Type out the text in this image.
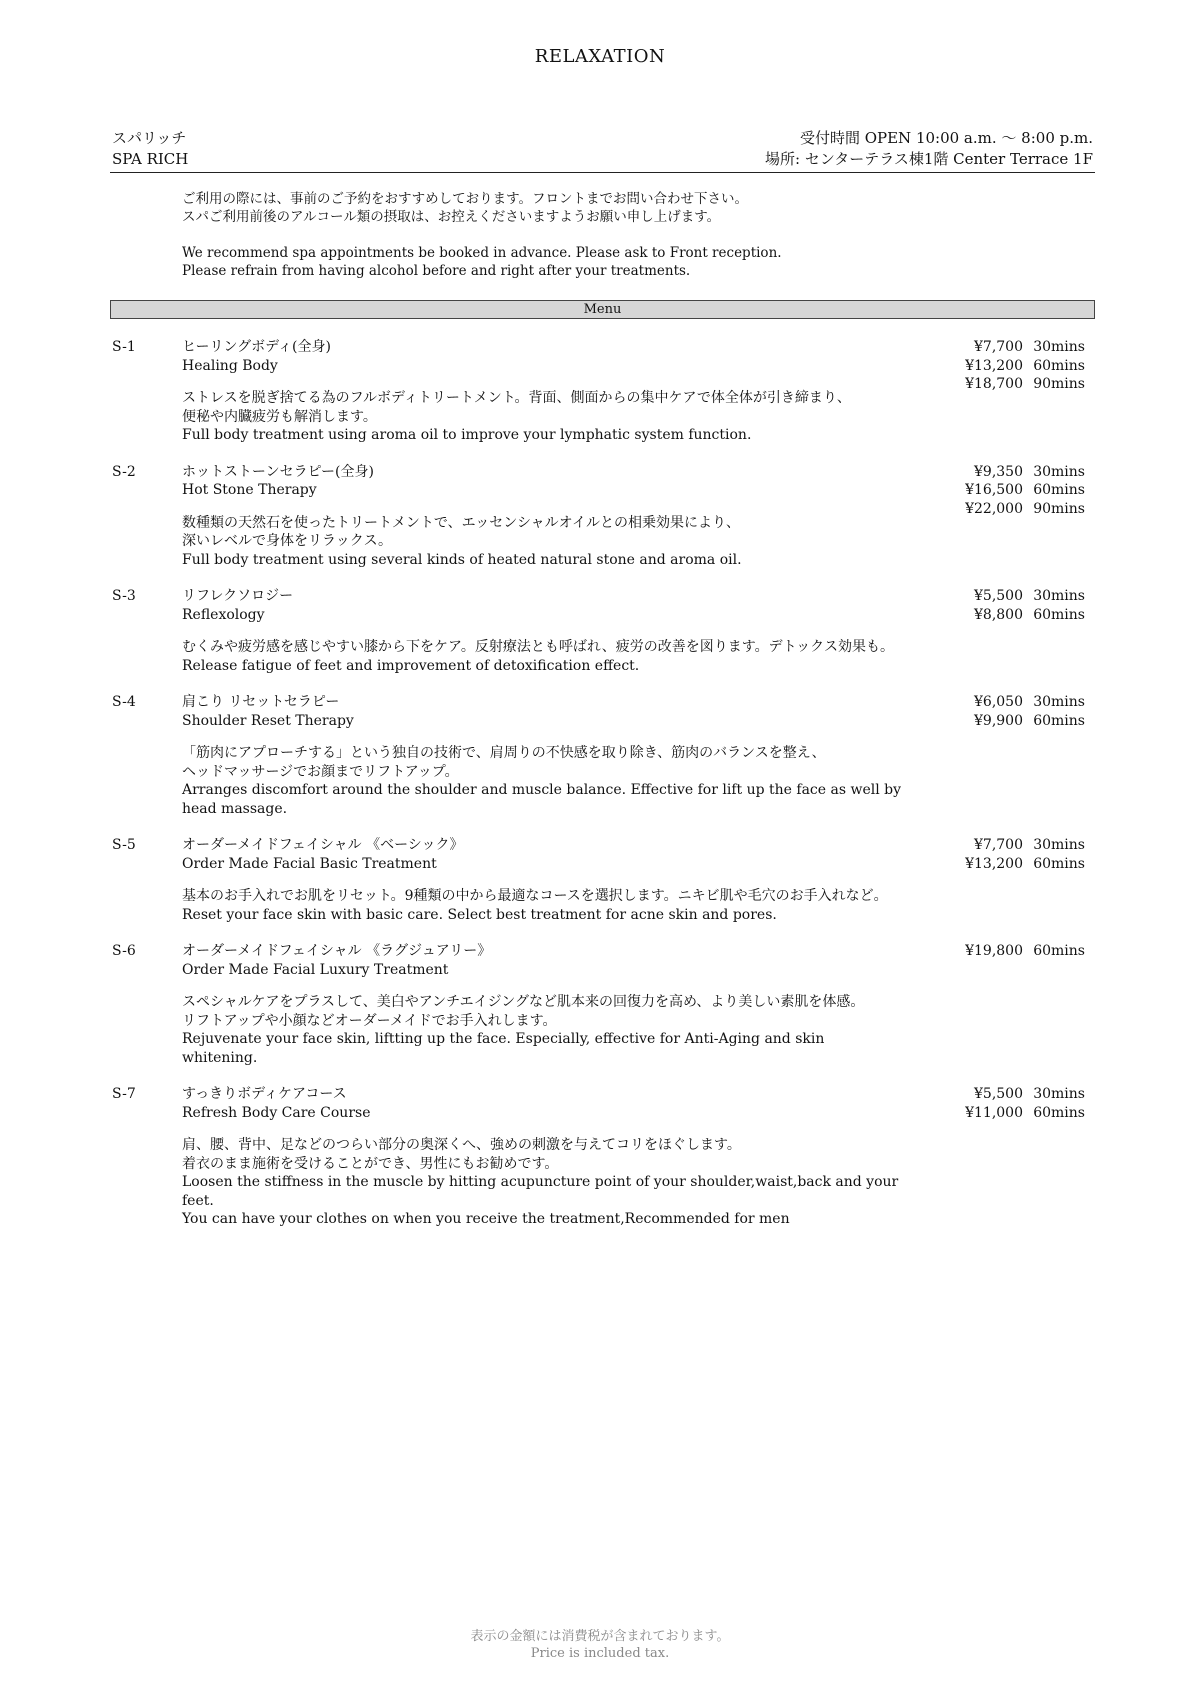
RELAXATION
スパリッチ
SPA RICH
受付時間 OPEN 10:00 a.m. 〜 8:00 p.m.
場所: センターテラス棟1階 Center Terrace 1F
ご利用の際には、事前のご予約をおすすめしております。フロントまでお問い合わせ下さい。
スパご利用前後のアルコール類の摂取は、お控えくださいますようお願い申し上げます。
We recommend spa appointments be booked in advance. Please ask to Front reception.
Please refrain from having alcohol before and right after your treatments.
Menu
S-1	ヒーリングボディ(全身)
Healing Body
ストレスを脱ぎ捨てる為のフルボディトリートメント。背面、側面からの集中ケアで体全体が引き締まり、
便秘や内臓疲労も解消します。
Full body treatment using aroma oil to improve your lymphatic system function.
¥7,700 30mins
¥13,200 60mins
¥18,700 90mins
S-2	ホットストーンセラピー(全身)
Hot Stone Therapy
数種類の天然石を使ったトリートメントで、エッセンシャルオイルとの相乗効果により、
深いレベルで身体をリラックス。
Full body treatment using several kinds of heated natural stone and aroma oil.
¥9,350 30mins
¥16,500 60mins
¥22,000 90mins
S-3	リフレクソロジー
Reflexology
むくみや疲労感を感じやすい膝から下をケア。反射療法とも呼ばれ、疲労の改善を図ります。デトックス効果も。
Release fatigue of feet and improvement of detoxification effect.
¥5,500 30mins
¥8,800 60mins
S-4	肩こり リセットセラピー
Shoulder Reset Therapy
「筋肉にアプローチする」という独自の技術で、肩周りの不快感を取り除き、筋肉のバランスを整え、
ヘッドマッサージでお顔までリフトアップ。
Arranges discomfort around the shoulder and muscle balance. Effective for lift up the face as well by
head massage.
¥6,050 30mins
¥9,900 60mins
S-5	オーダーメイドフェイシャル 《ベーシック》
Order Made Facial Basic Treatment
基本のお手入れでお肌をリセット。9種類の中から最適なコースを選択します。ニキビ肌や毛穴のお手入れなど。
Reset your face skin with basic care. Select best treatment for acne skin and pores.
¥7,700 30mins
¥13,200 60mins
S-6	オーダーメイドフェイシャル 《ラグジュアリー》
Order Made Facial Luxury Treatment
スペシャルケアをプラスして、美白やアンチエイジングなど肌本来の回復力を高め、より美しい素肌を体感。
リフトアップや小顔などオーダーメイドでお手入れします。
Rejuvenate your face skin, liftting up the face. Especially, effective for Anti-Aging and skin whitening.
¥19,800 60mins
S-7	すっきりボディケアコース
Refresh Body Care Course
肩、腰、背中、足などのつらい部分の奥深くへ、強めの刺激を与えてコリをほぐします。
着衣のまま施術を受けることができ、男性にもお勧めです。
Loosen the stiffness in the muscle by hitting acupuncture point of your shoulder,waist,back and your feet.
You can have your clothes on when you receive the treatment,Recommended for men
¥5,500 30mins
¥11,000 60mins
表示の金額には消費税が含まれております。
Price is included tax.
